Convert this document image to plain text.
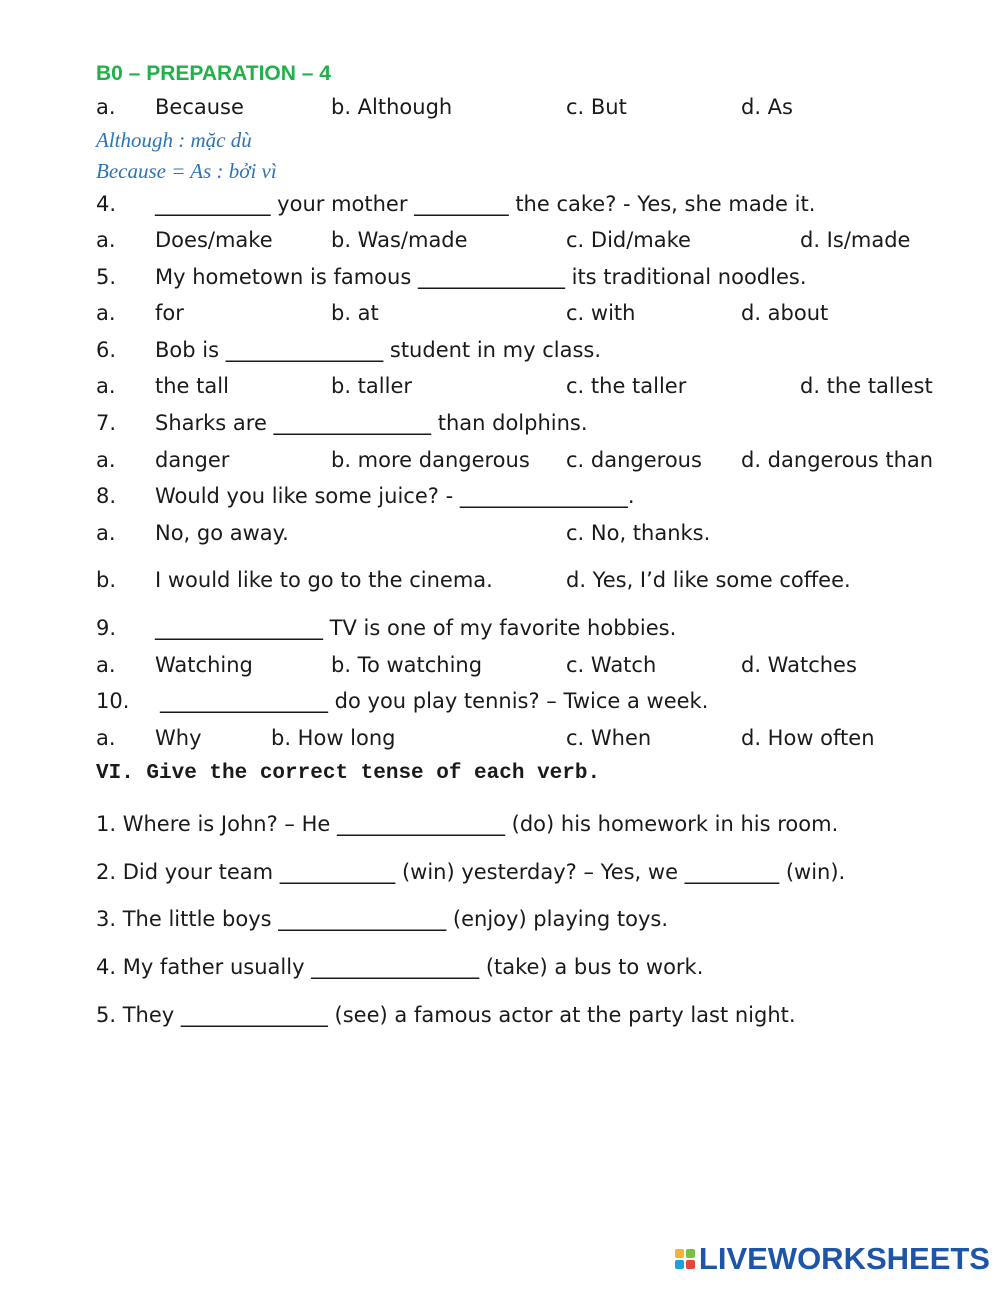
B0 – PREPARATION – 4
a. Because	b. Although	c. But	d. As
Although : mặc dù
Because = As : bởi vì
4. ___________ your mother _________ the cake? - Yes, she made it.
a. Does/make	b. Was/made	c. Did/make	d. Is/made
5. My hometown is famous ______________ its traditional noodles.
a. for	b. at	c. with	d. about
6. Bob is _______________ student in my class.
a. the tall	b. taller	c. the taller	d. the tallest
7. Sharks are _______________ than dolphins.
a. danger	b. more dangerous c. dangerous d. dangerous than
8. Would you like some juice? - ________________.
a. No, go away.	c. No, thanks.
b. I would like to go to the cinema.	d. Yes, I’d like some coffee.
9. ________________ TV is one of my favorite hobbies.
a. Watching	b. To watching	c. Watch	d. Watches
10. ________________ do you play tennis? – Twice a week.
a. Why	b. How long	c. When	d. How often
VI. Give the correct tense of each verb.
1. Where is John? – He ________________ (do) his homework in his room.
2. Did your team ___________ (win) yesterday? – Yes, we _________ (win).
3. The little boys ________________ (enjoy) playing toys.
4. My father usually ________________ (take) a bus to work.
5. They ______________ (see) a famous actor at the party last night.
LIVEWORKSHEETS
